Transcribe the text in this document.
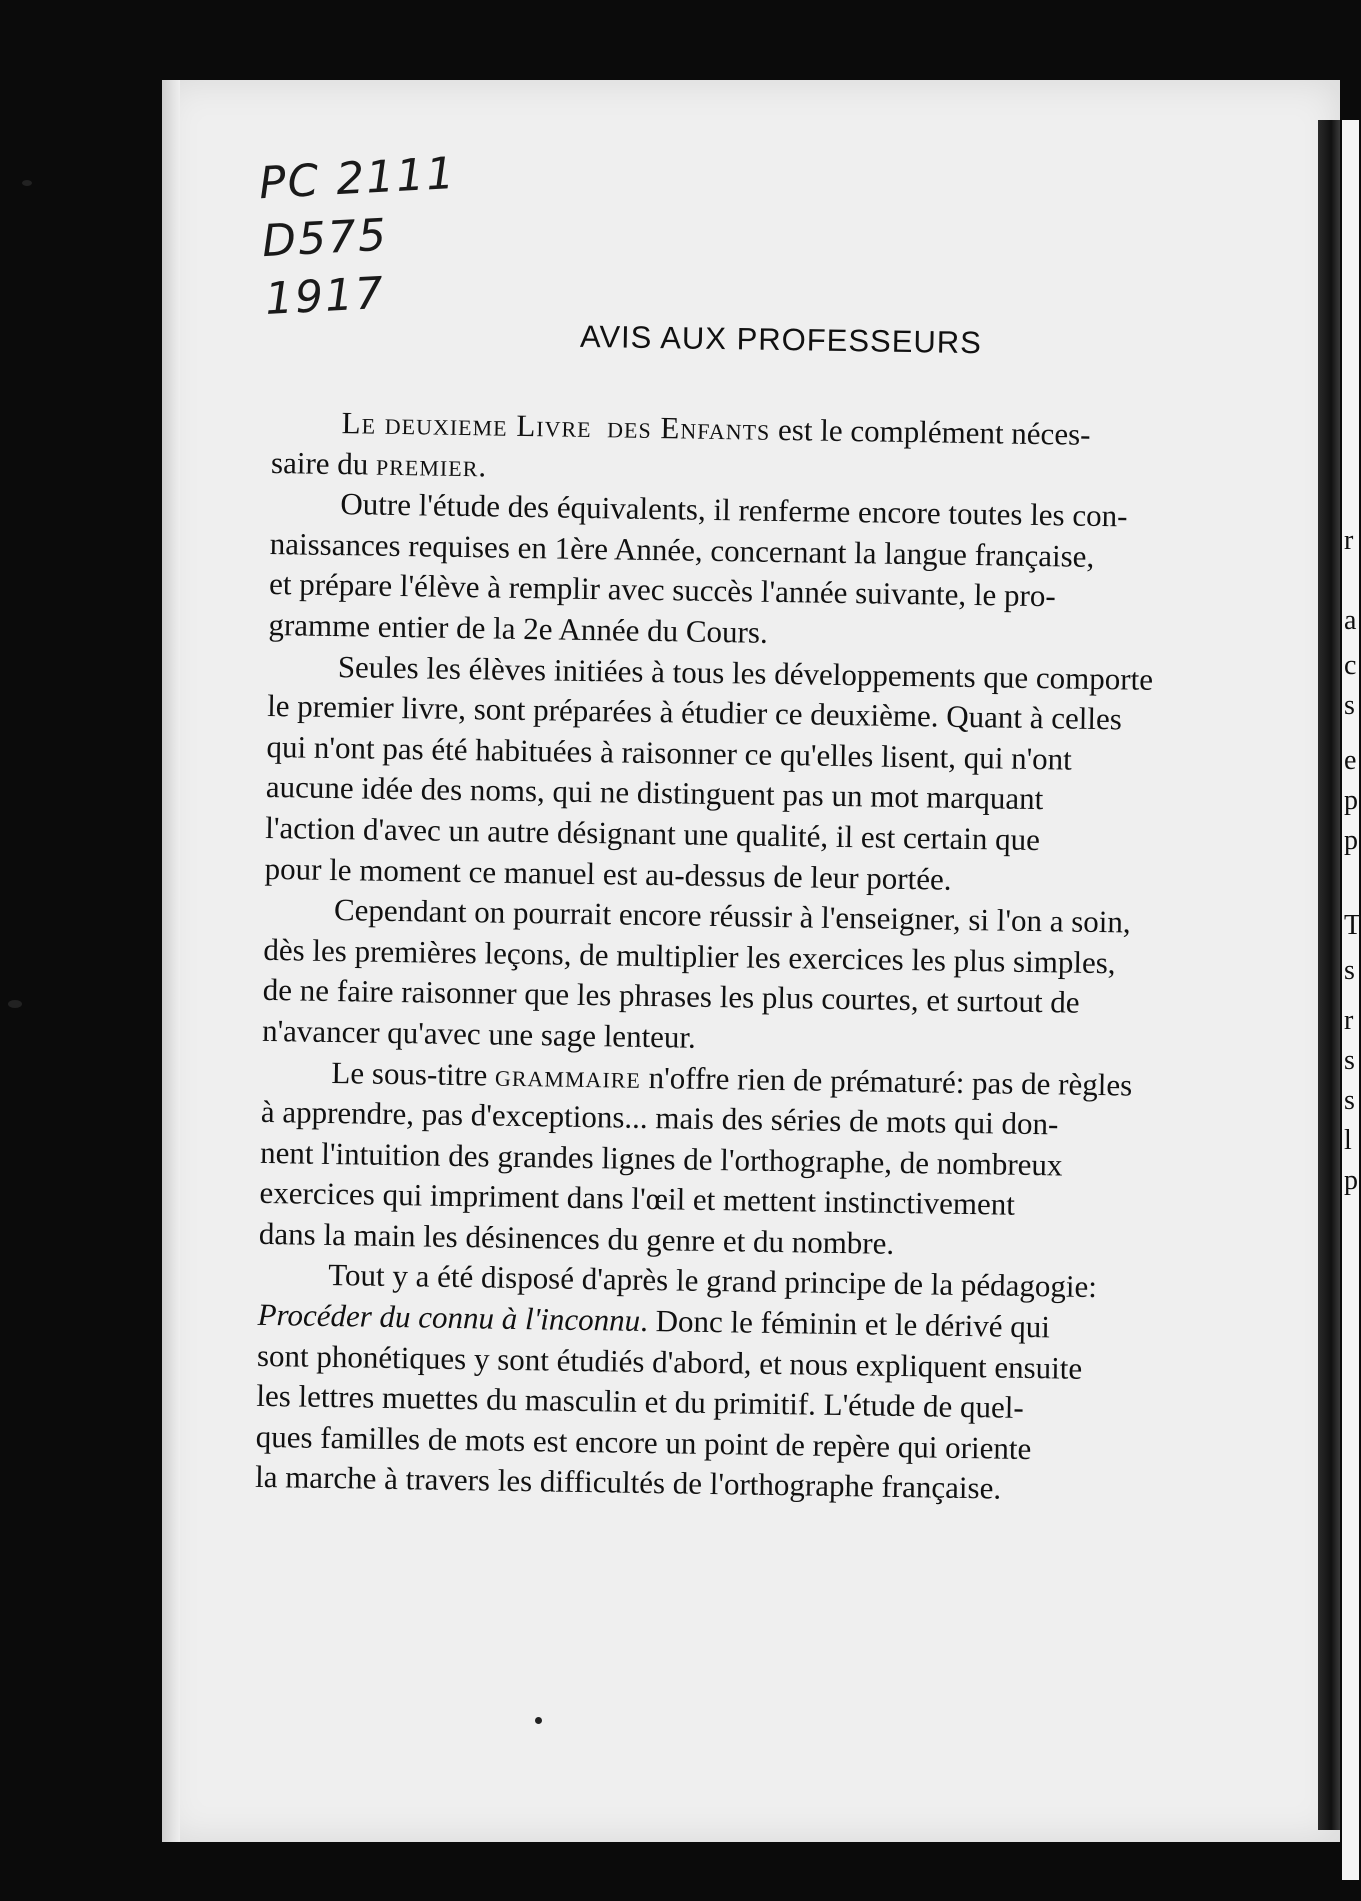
r
a
c
s
e
p
p
T
s
r
s
s
l
p
PC 2111
D575
1917
AVIS AUX PROFESSEURS
Le deuxieme Livre des Enfants est le complément néces-
saire du premier.
Outre l'étude des équivalents, il renferme encore toutes les con-
naissances requises en 1ère Année, concernant la langue française,
et prépare l'élève à remplir avec succès l'année suivante, le pro-
gramme entier de la 2e Année du Cours.
Seules les élèves initiées à tous les développements que comporte
le premier livre, sont préparées à étudier ce deuxième. Quant à celles
qui n'ont pas été habituées à raisonner ce qu'elles lisent, qui n'ont
aucune idée des noms, qui ne distinguent pas un mot marquant
l'action d'avec un autre désignant une qualité, il est certain que
pour le moment ce manuel est au-dessus de leur portée.
Cependant on pourrait encore réussir à l'enseigner, si l'on a soin,
dès les premières leçons, de multiplier les exercices les plus simples,
de ne faire raisonner que les phrases les plus courtes, et surtout de
n'avancer qu'avec une sage lenteur.
Le sous-titre grammaire n'offre rien de prématuré: pas de règles
à apprendre, pas d'exceptions... mais des séries de mots qui don-
nent l'intuition des grandes lignes de l'orthographe, de nombreux
exercices qui impriment dans l'œil et mettent instinctivement
dans la main les désinences du genre et du nombre.
Tout y a été disposé d'après le grand principe de la pédagogie:
Procéder du connu à l'inconnu. Donc le féminin et le dérivé qui
sont phonétiques y sont étudiés d'abord, et nous expliquent ensuite
les lettres muettes du masculin et du primitif. L'étude de quel-
ques familles de mots est encore un point de repère qui oriente
la marche à travers les difficultés de l'orthographe française.
